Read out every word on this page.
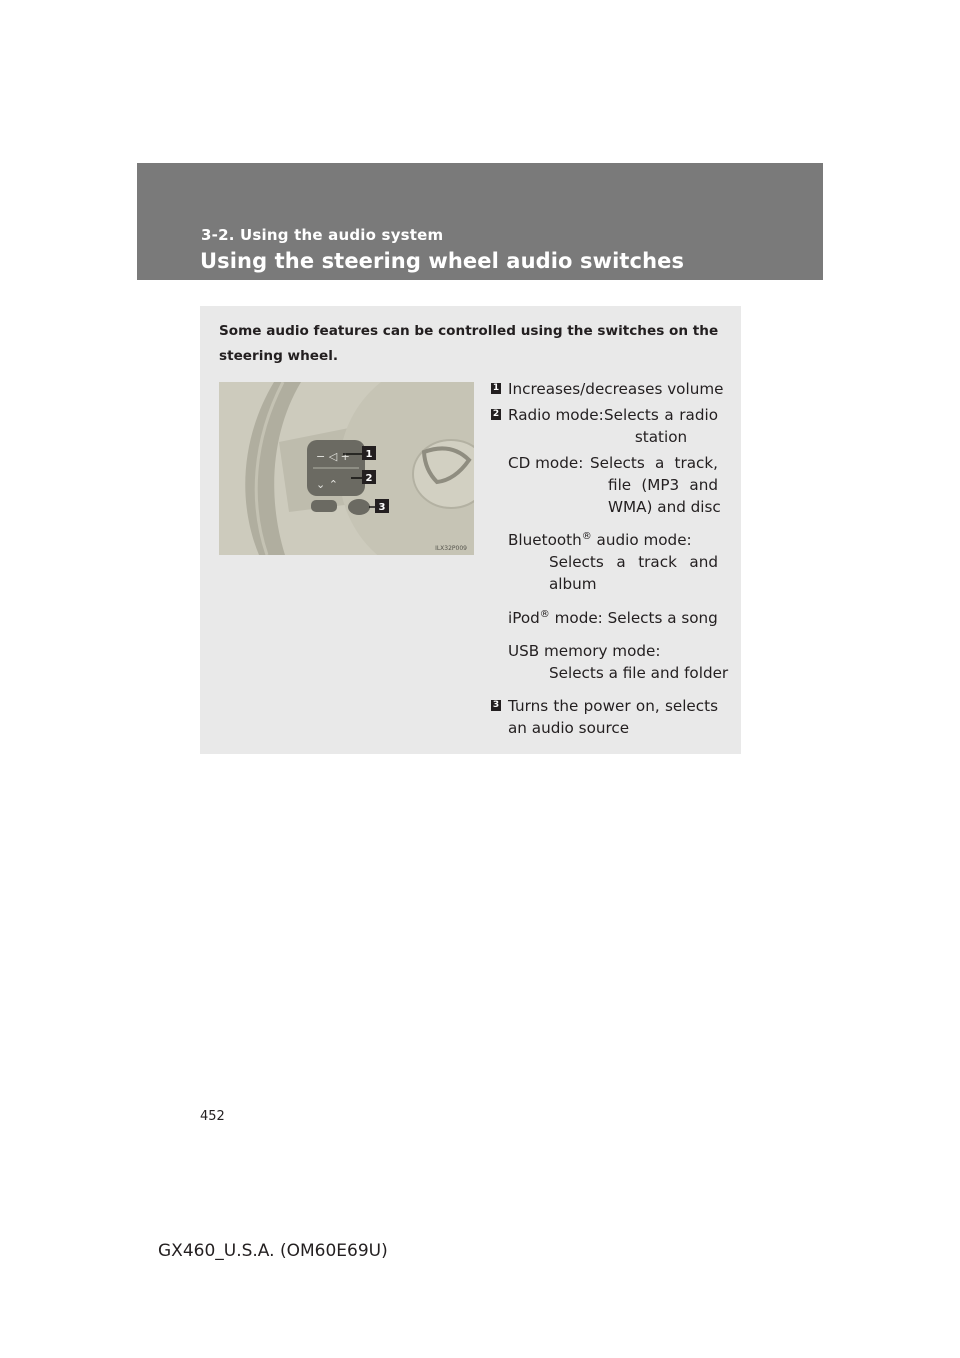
3-2. Using the audio system
Using the steering wheel audio switches
Some audio features can be controlled using the switches on the steering wheel.
− ◁ +
⌄ ⌃
1
2
3
ILX32P009
1 Increases/decreases volume
2 Radio mode: Selects a radio
station
CD mode: Selects a track,
file (MP3 and
WMA) and disc
Bluetooth® audio mode:
Selects a track and
album
iPod® mode: Selects a song
USB memory mode:
Selects a file and folder
3 Turns the power on, selects
an audio source
452
GX460_U.S.A. (OM60E69U)
